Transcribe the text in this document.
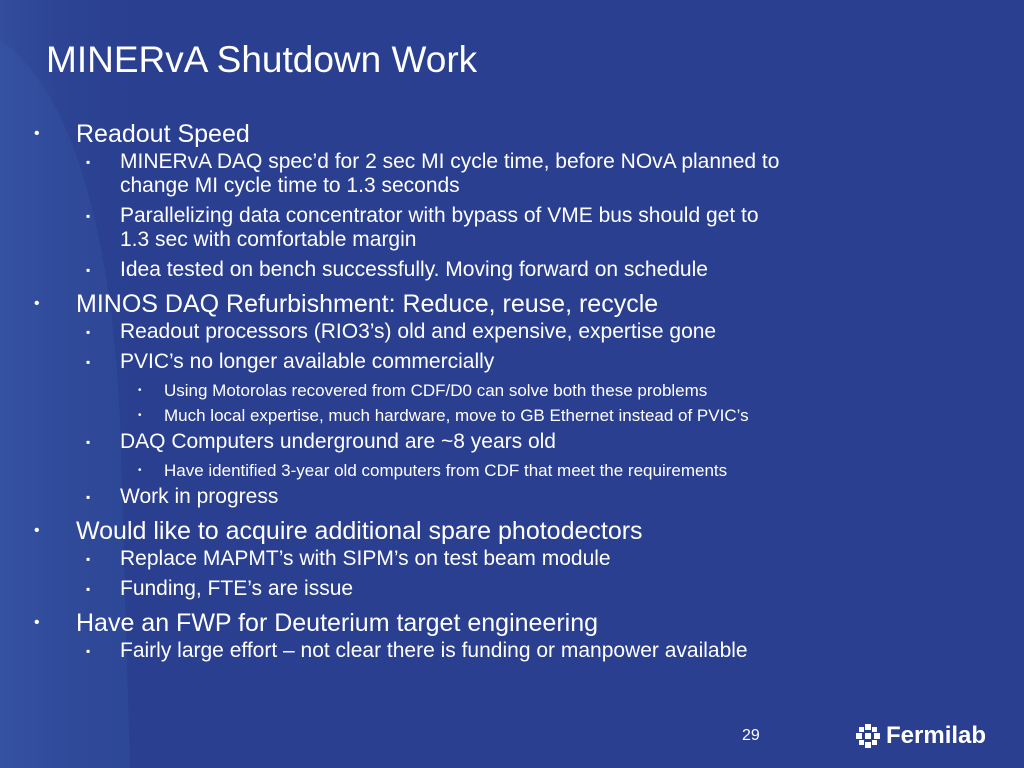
MINERvA Shutdown Work
• Readout Speed
▪ MINERvA DAQ spec’d for 2 sec MI cycle time, before NOvA planned to
change MI cycle time to 1.3 seconds
▪ Parallelizing data concentrator with bypass of VME bus should get to
1.3 sec with comfortable margin
▪ Idea tested on bench successfully. Moving forward on schedule
• MINOS DAQ Refurbishment: Reduce, reuse, recycle
▪ Readout processors (RIO3’s) old and expensive, expertise gone
▪ PVIC’s no longer available commercially
• Using Motorolas recovered from CDF/D0 can solve both these problems
• Much local expertise, much hardware, move to GB Ethernet instead of PVIC’s
▪ DAQ Computers underground are ~8 years old
• Have identified 3-year old computers from CDF that meet the requirements
▪ Work in progress
• Would like to acquire additional spare photodectors
▪ Replace MAPMT’s with SIPM’s on test beam module
▪ Funding, FTE’s are issue
• Have an FWP for Deuterium target engineering
▪ Fairly large effort – not clear there is funding or manpower available
29	Fermilab
